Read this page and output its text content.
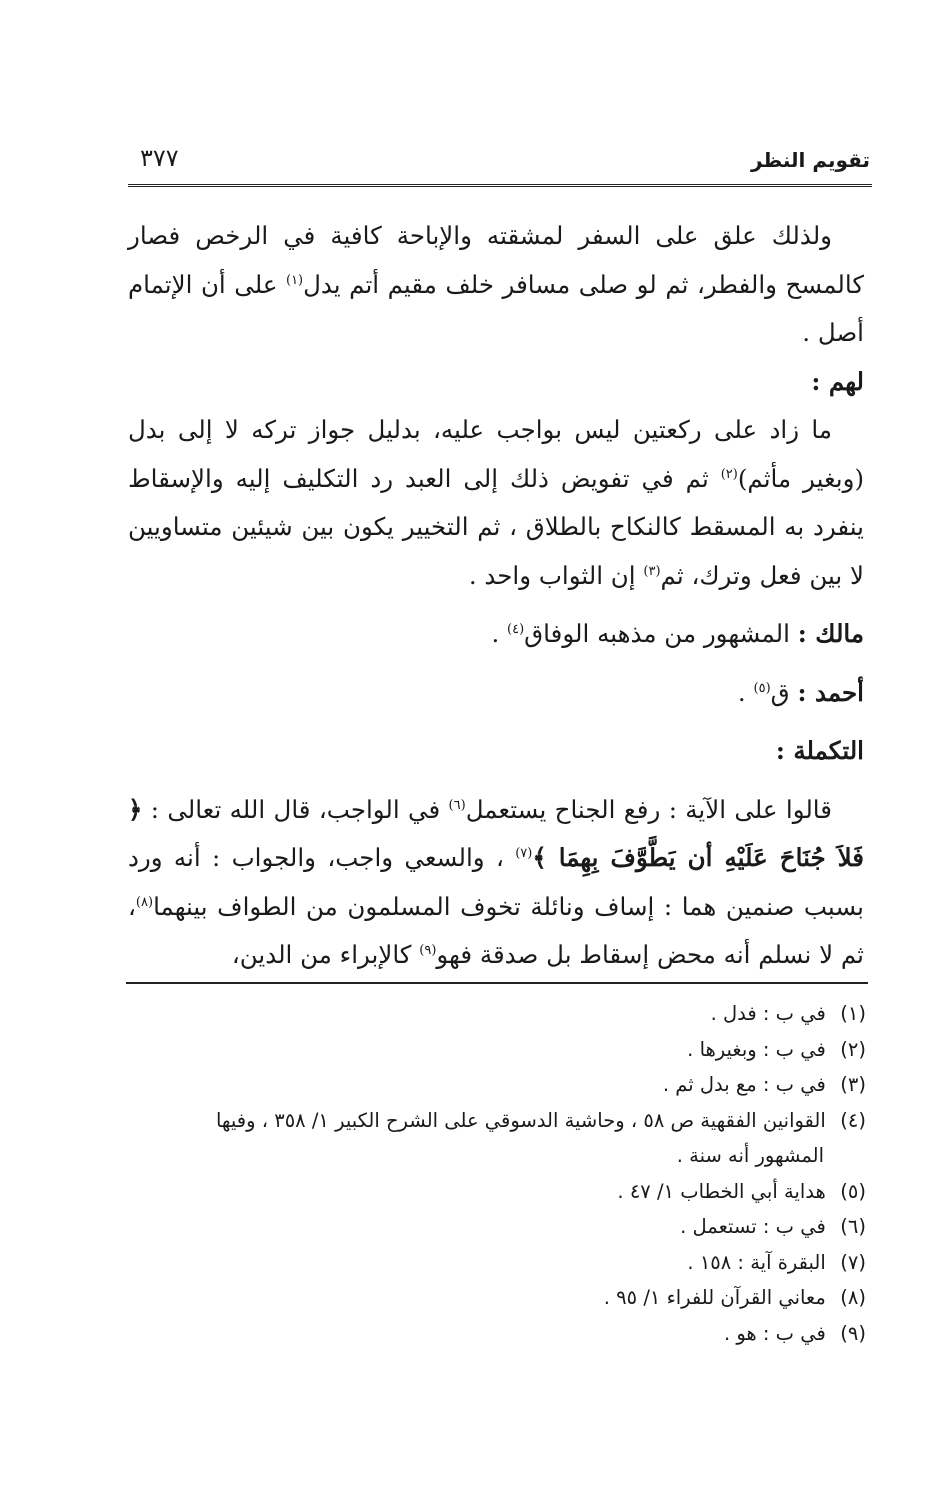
تقويم النظر
٣٧٧

ولذلك علق على السفر لمشقته والإباحة كافية في الرخص فصار كالمسح والفطر، ثم لو صلى مسافر خلف مقيم أتم يدل$^{(١)}$ على أن الإتمام أصل .

لهم :

ما زاد على ركعتين ليس بواجب عليه، بدليل جواز تركه لا إلى بدل (وبغير مأثم)$^{(٢)}$ ثم في تفويض ذلك إلى العبد رد التكليف إليه والإسقاط ينفرد به المسقط كالنكاح بالطلاق ، ثم التخيير يكون بين شيئين متساويين لا بين فعل وترك، ثم$^{(٣)}$ إن الثواب واحد .

مالك : المشهور من مذهبه الوفاق$^{(٤)}$ .

أحمد : ق$^{(٥)}$ .

التكملة :

قالوا على الآية : رفع الجناح يستعمل$^{(٦)}$ في الواجب، قال الله تعالى : ﴿ فَلاَ جُنَاحَ عَلَيْهِ أن يَطَّوَّفَ بِهِمَا ﴾$^{(٧)}$ ، والسعي واجب، والجواب : أنه ورد بسبب صنمين هما : إساف ونائلة تخوف المسلمون من الطواف بينهما$^{(٨)}$، ثم لا نسلم أنه محض إسقاط بل صدقة فهو$^{(٩)}$ كالإبراء من الدين،

(١) في ب : فدل .
(٢) في ب : وبغيرها .
(٣) في ب : مع بدل ثم .
(٤) القوانين الفقهية ص ٥٨ ، وحاشية الدسوقي على الشرح الكبير ١/ ٣٥٨ ، وفيها
المشهور أنه سنة .
(٥) هداية أبي الخطاب ١/ ٤٧ .
(٦) في ب : تستعمل .
(٧) البقرة آية : ١٥٨ .
(٨) معاني القرآن للفراء ١/ ٩٥ .
(٩) في ب : هو .
